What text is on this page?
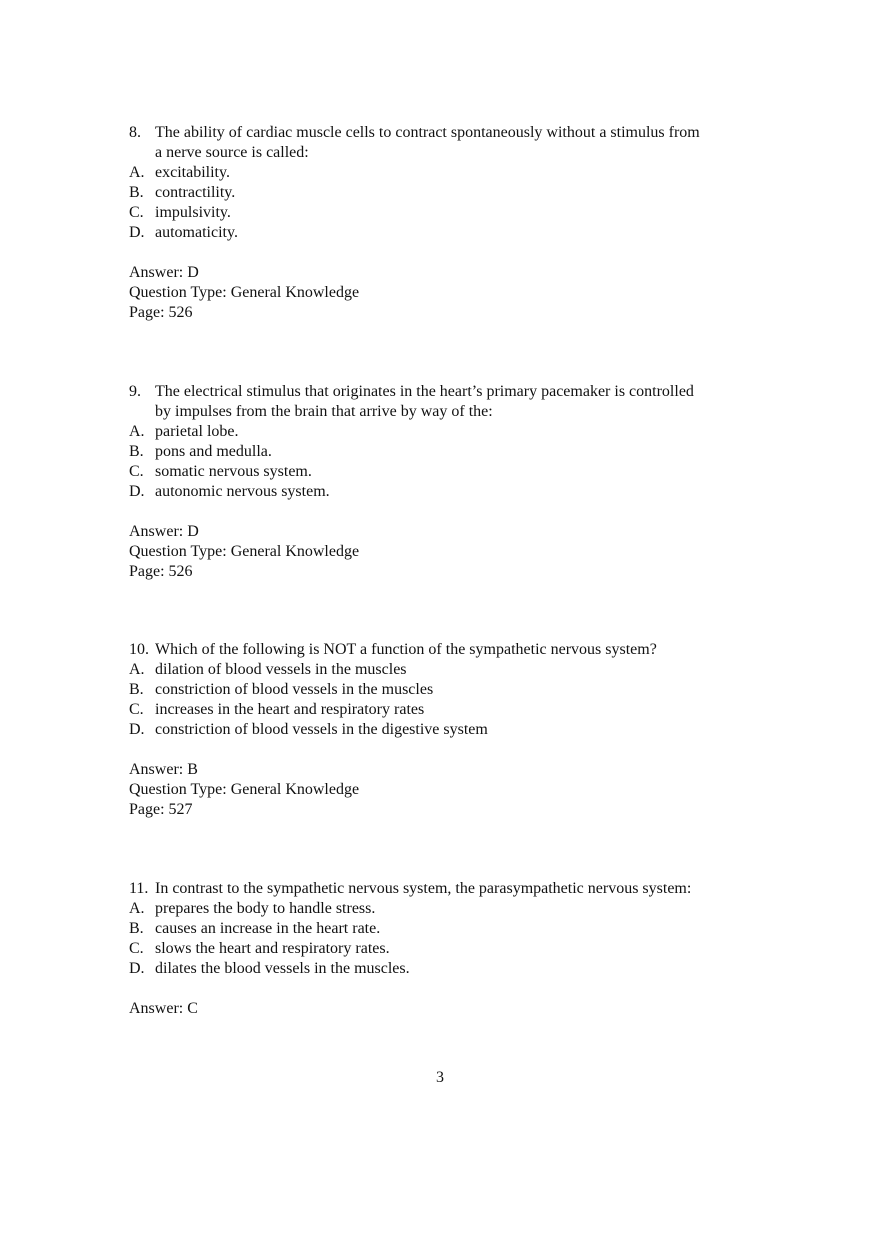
8. The ability of cardiac muscle cells to contract spontaneously without a stimulus from
a nerve source is called:
A. excitability.
B. contractility.
C. impulsivity.
D. automaticity.
Answer: D
Question Type: General Knowledge
Page: 526
9. The electrical stimulus that originates in the heart’s primary pacemaker is controlled
by impulses from the brain that arrive by way of the:
A. parietal lobe.
B. pons and medulla.
C. somatic nervous system.
D. autonomic nervous system.
Answer: D
Question Type: General Knowledge
Page: 526
10. Which of the following is NOT a function of the sympathetic nervous system?
A. dilation of blood vessels in the muscles
B. constriction of blood vessels in the muscles
C. increases in the heart and respiratory rates
D. constriction of blood vessels in the digestive system
Answer: B
Question Type: General Knowledge
Page: 527
11. In contrast to the sympathetic nervous system, the parasympathetic nervous system:
A. prepares the body to handle stress.
B. causes an increase in the heart rate.
C. slows the heart and respiratory rates.
D. dilates the blood vessels in the muscles.
Answer: C
3
